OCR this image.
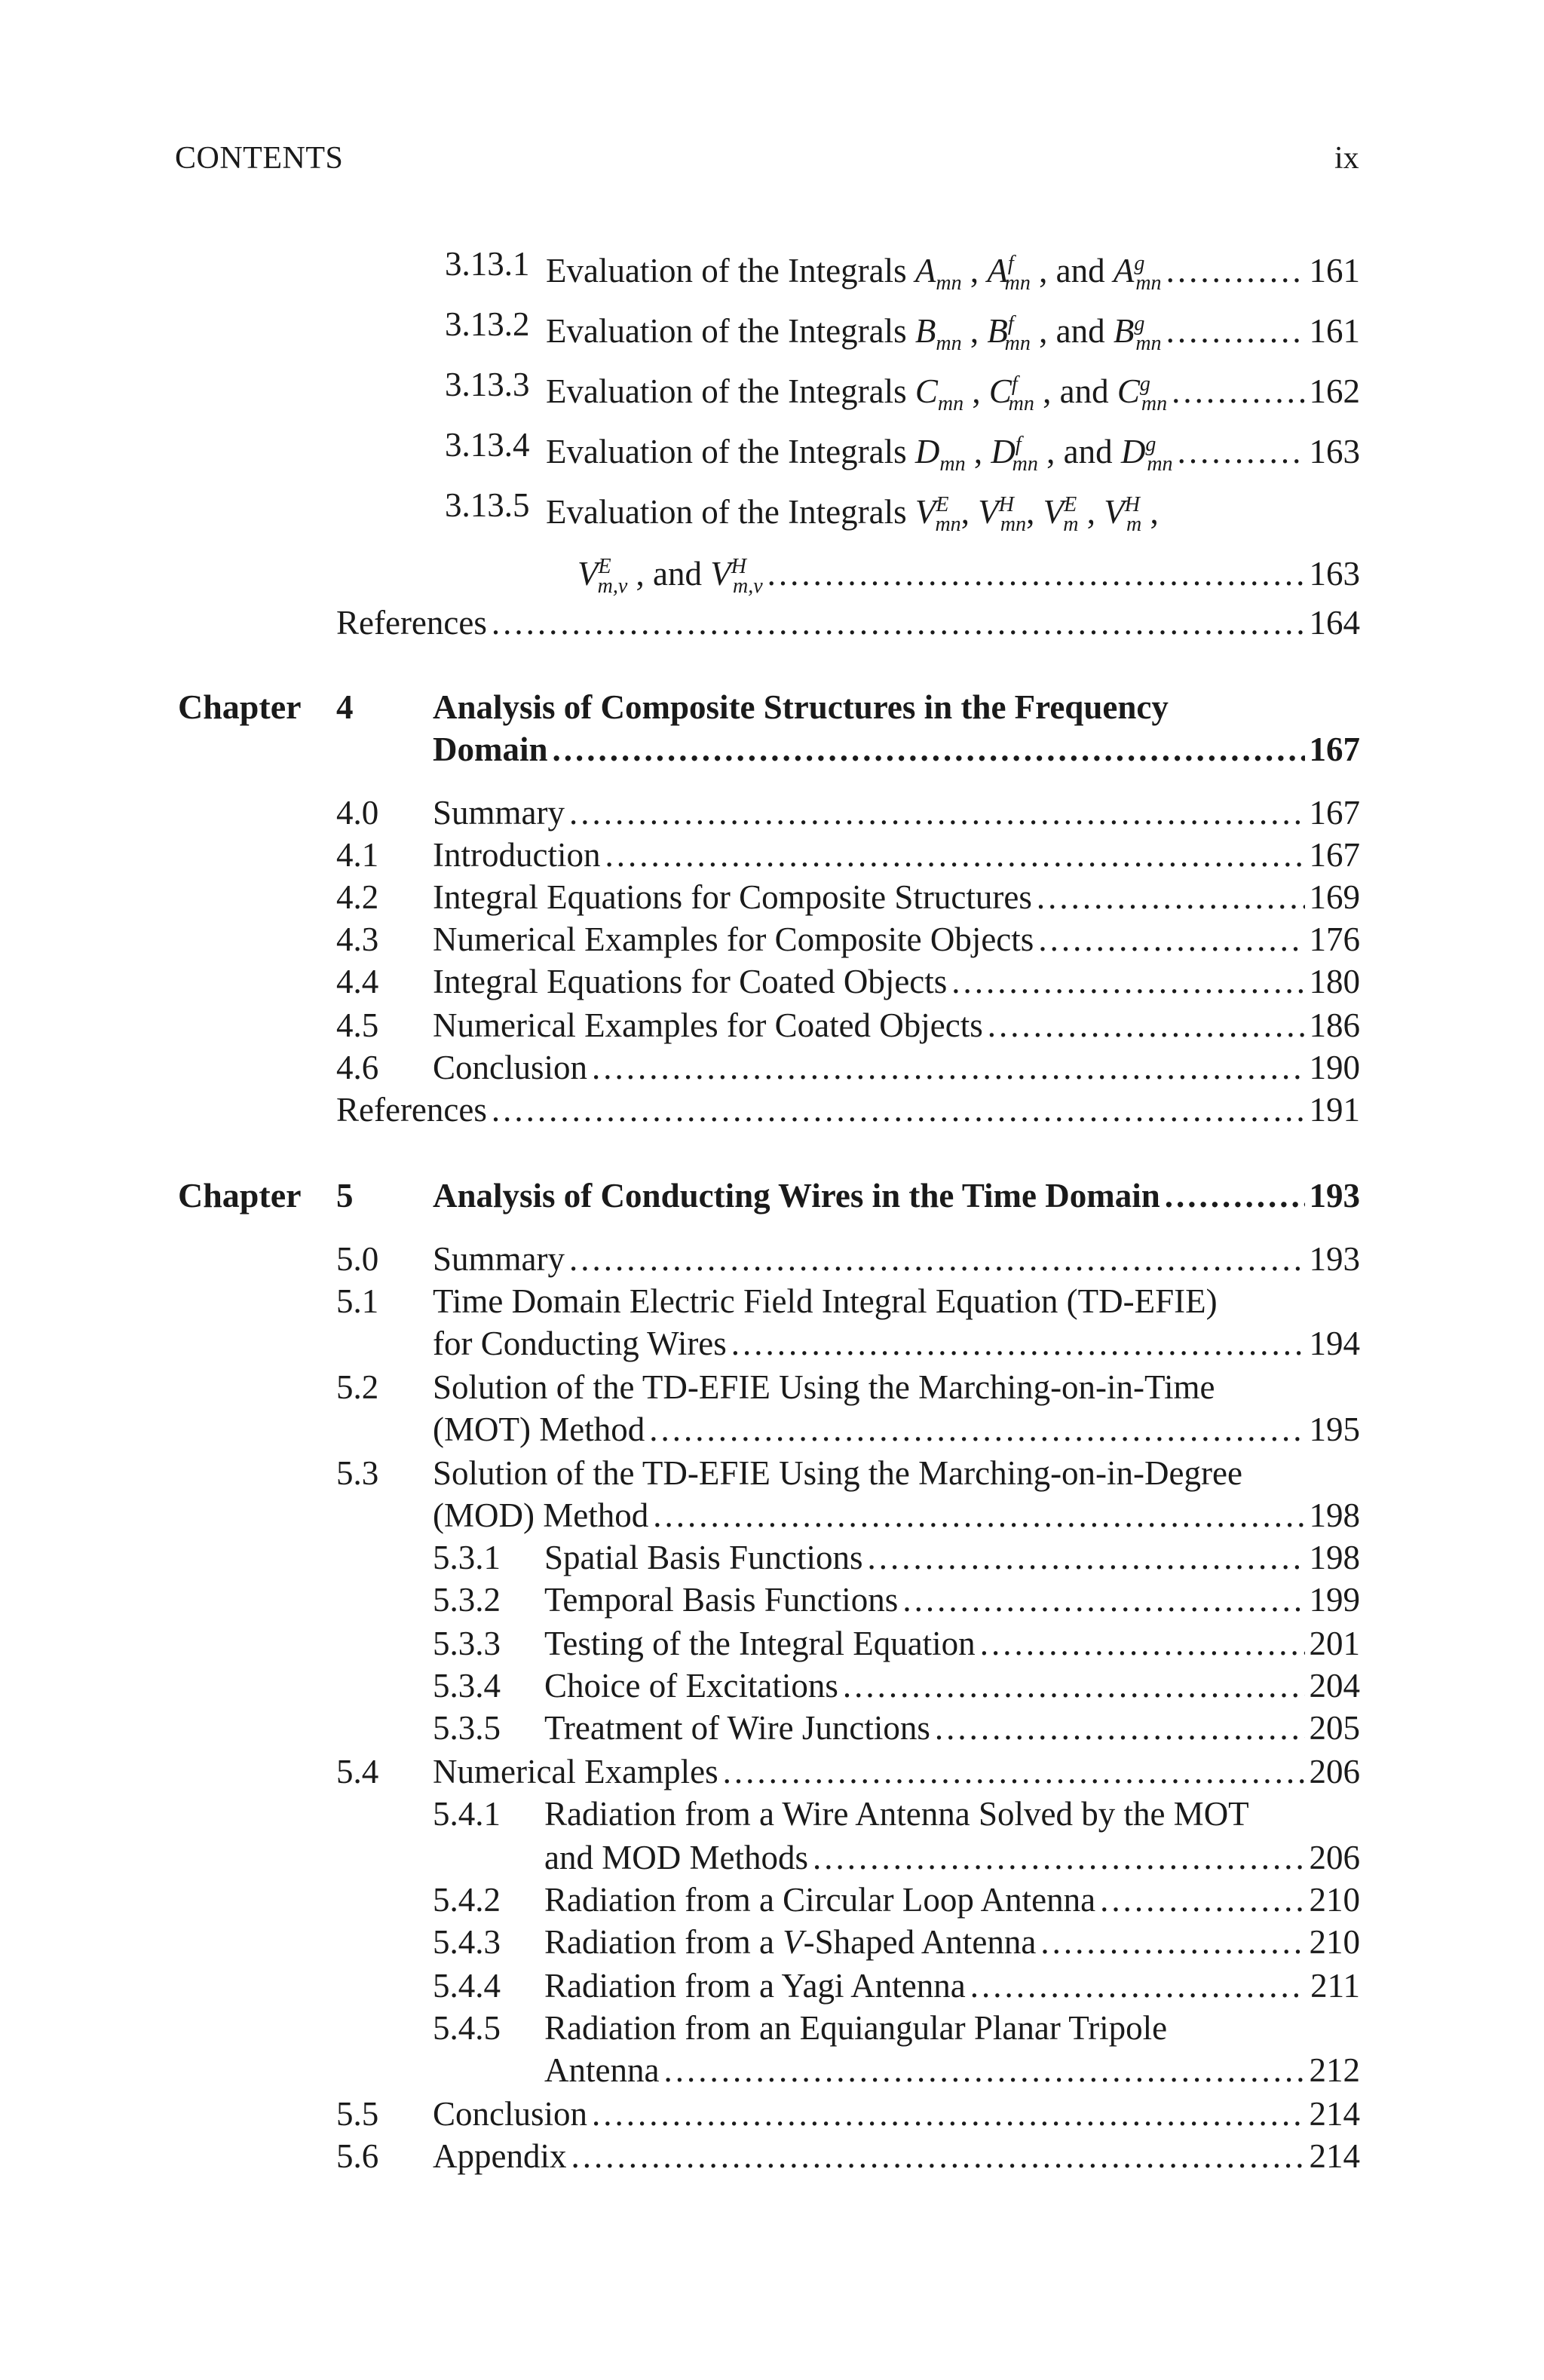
CONTENTS	ix
3.13.1 Evaluation of the Integrals $A_{mn}$ , $A^f_{mn}$ , and $A^g_{mn}$ .....	161
3.13.2 Evaluation of the Integrals $B_{mn}$ , $B^f_{mn}$ , and $B^g_{mn}$ .....	161
3.13.3 Evaluation of the Integrals $C_{mn}$ , $C^f_{mn}$ , and $C^g_{mn}$ .....	162
3.13.4 Evaluation of the Integrals $D_{mn}$ , $D^f_{mn}$ , and $D^g_{mn}$ .....	163
3.13.5 Evaluation of the Integrals $V^E_{mn}$, $V^H_{mn}$, $V^E_m$ , $V^H_m$ ,
$V^E_{m,v}$ , and $V^H_{m,v}$ .....	163
References .....	164
Chapter 4 Analysis of Composite Structures in the Frequency
Domain .....	167
4.0 Summary .....	167
4.1 Introduction .....	167
4.2 Integral Equations for Composite Structures .....	169
4.3 Numerical Examples for Composite Objects .....	176
4.4 Integral Equations for Coated Objects .....	180
4.5 Numerical Examples for Coated Objects .....	186
4.6 Conclusion .....	190
References .....	191
Chapter 5 Analysis of Conducting Wires in the Time Domain .....	193
5.0 Summary .....	193
5.1 Time Domain Electric Field Integral Equation (TD-EFIE)
for Conducting Wires .....	194
5.2 Solution of the TD-EFIE Using the Marching-on-in-Time
(MOT) Method .....	195
5.3 Solution of the TD-EFIE Using the Marching-on-in-Degree
(MOD) Method .....	198
5.3.1 Spatial Basis Functions .....	198
5.3.2 Temporal Basis Functions .....	199
5.3.3 Testing of the Integral Equation .....	201
5.3.4 Choice of Excitations .....	204
5.3.5 Treatment of Wire Junctions .....	205
5.4 Numerical Examples .....	206
5.4.1 Radiation from a Wire Antenna Solved by the MOT
and MOD Methods .....	206
5.4.2 Radiation from a Circular Loop Antenna .....	210
5.4.3 Radiation from a V-Shaped Antenna .....	210
5.4.4 Radiation from a Yagi Antenna .....	211
5.4.5 Radiation from an Equiangular Planar Tripole
Antenna .....	212
5.5 Conclusion .....	214
5.6 Appendix .....	214
